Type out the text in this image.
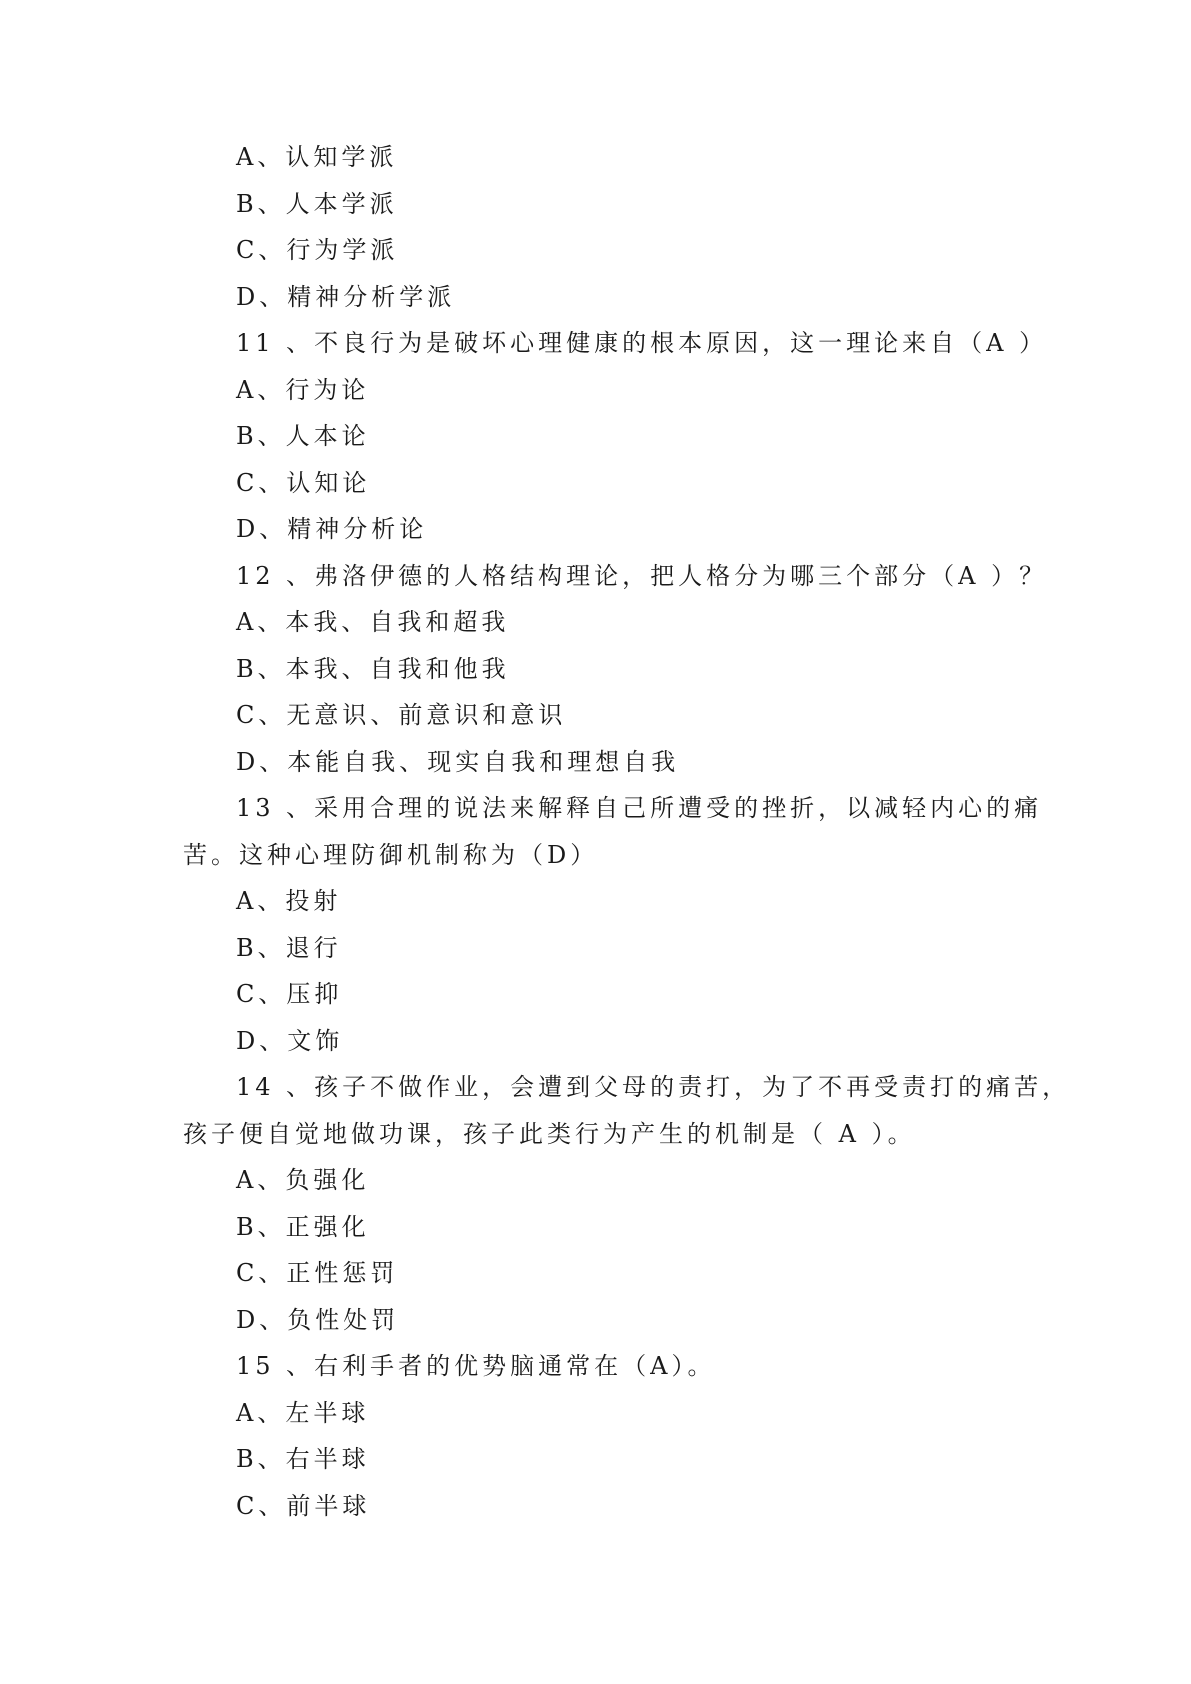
A、认知学派
B、人本学派
C、行为学派
D、精神分析学派
11 、不良行为是破坏心理健康的根本原因，这一理论来自（A ）
A、行为论
B、人本论
C、认知论
D、精神分析论
12 、弗洛伊德的人格结构理论，把人格分为哪三个部分（A ）？
A、本我、自我和超我
B、本我、自我和他我
C、无意识、前意识和意识
D、本能自我、现实自我和理想自我
13 、采用合理的说法来解释自己所遭受的挫折，以减轻内心的痛
苦。这种心理防御机制称为（D）
A、投射
B、退行
C、压抑
D、文饰
14 、孩子不做作业，会遭到父母的责打，为了不再受责打的痛苦，
孩子便自觉地做功课，孩子此类行为产生的机制是（ A ）。
A、负强化
B、正强化
C、正性惩罚
D、负性处罚
15 、右利手者的优势脑通常在（A）。
A、左半球
B、右半球
C、前半球
